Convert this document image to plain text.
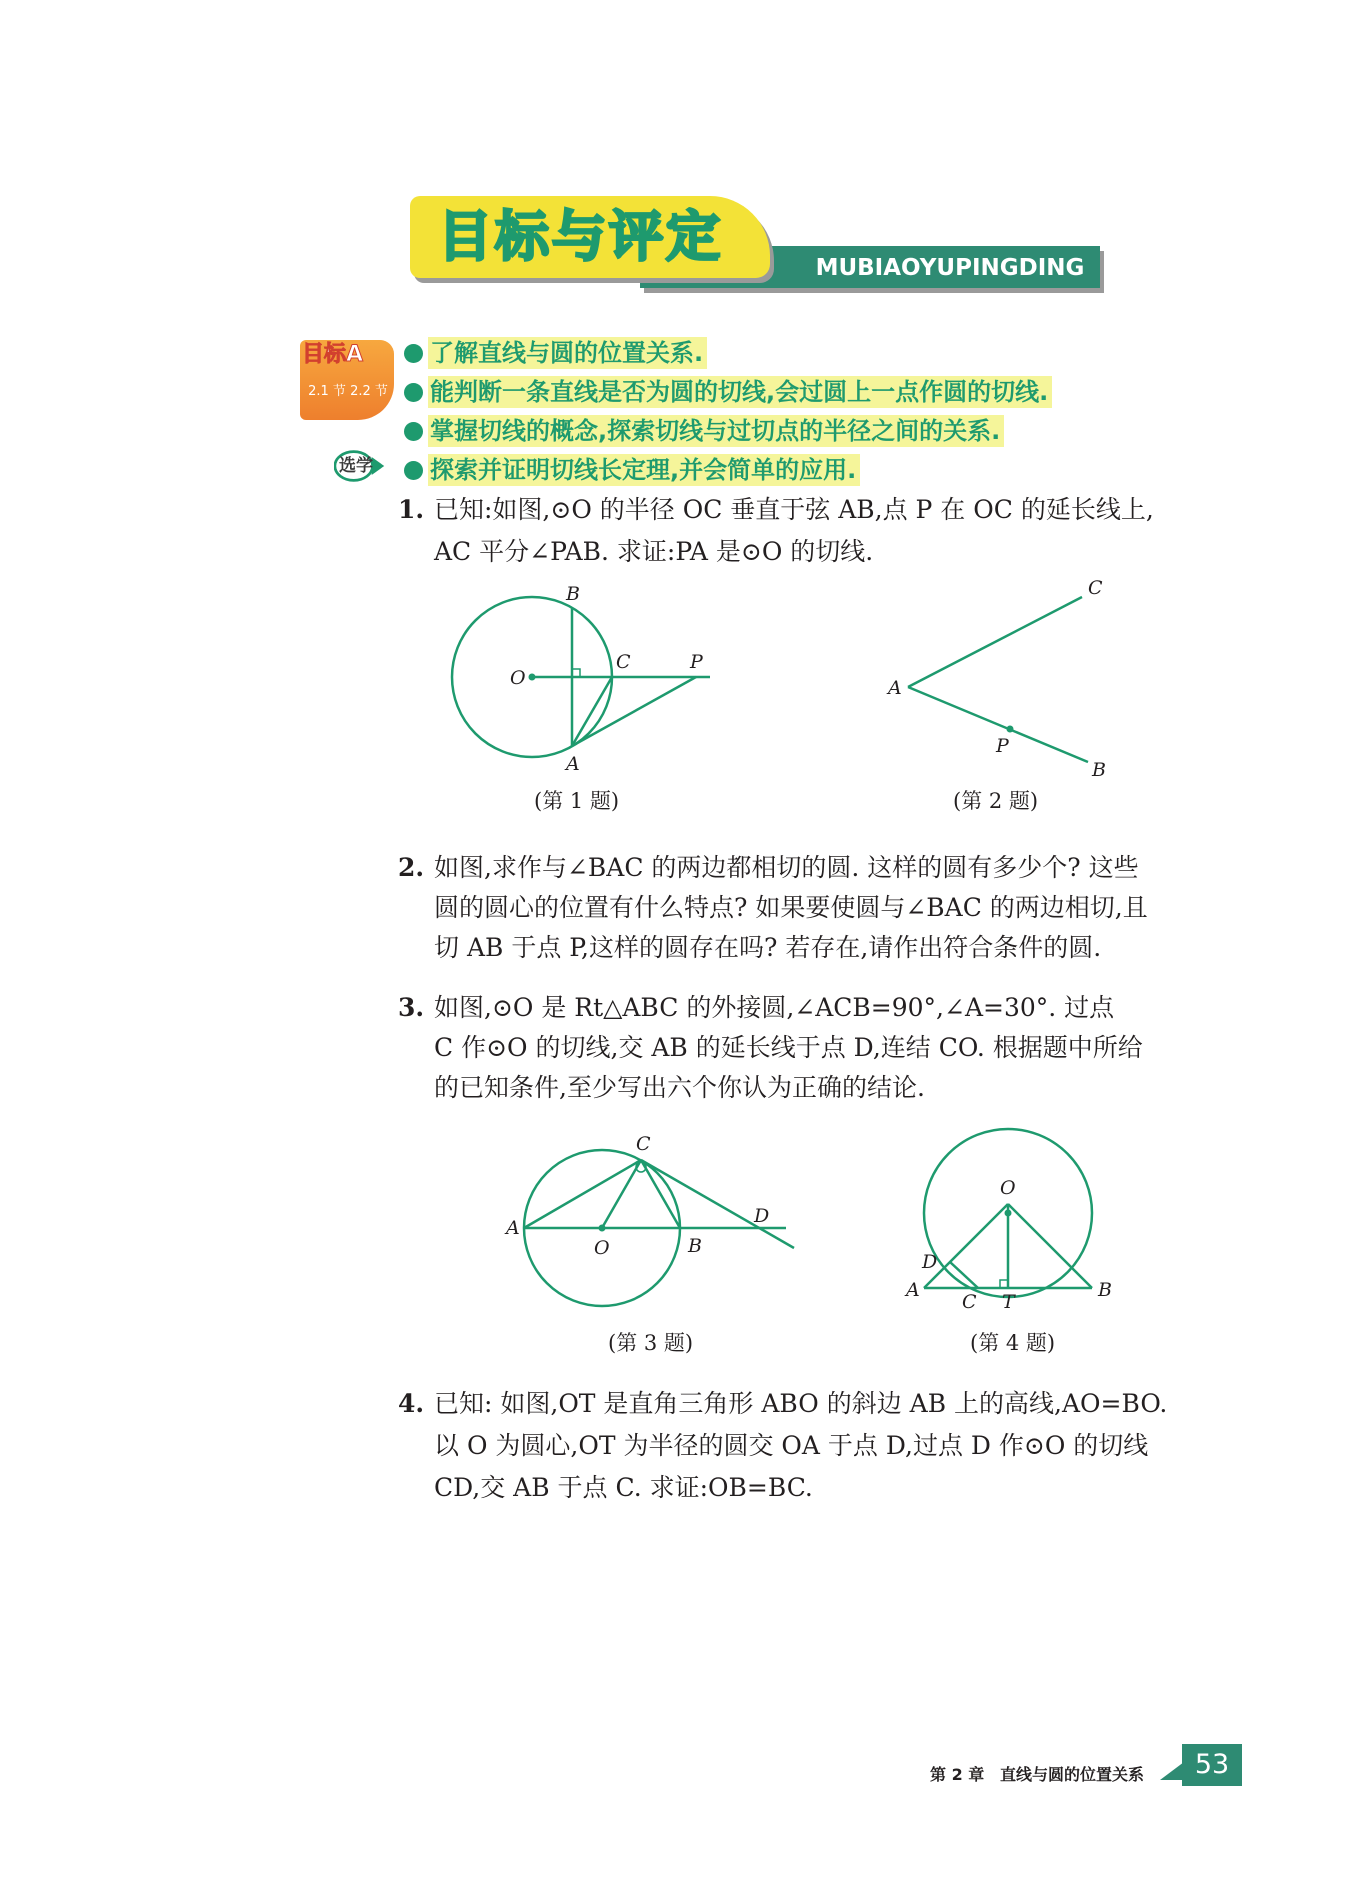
MUBIAOYUPINGDING
目标与评定
目标A
2.1 节 2.2 节
选学
了解直线与圆的位置关系.
能判断一条直线是否为圆的切线,会过圆上一点作圆的切线.
掌握切线的概念,探索切线与过切点的半径之间的关系.
探索并证明切线长定理,并会简单的应用.
1. 已知:如图,⊙O 的半径 OC 垂直于弦 AB,点 P 在 OC 的延长线上,
AC 平分∠PAB. 求证:PA 是⊙O 的切线.
B
O
C	P
A
(第 1 题)
C
A
P
B
(第 2 题)
2. 如图,求作与∠BAC 的两边都相切的圆. 这样的圆有多少个? 这些
圆的圆心的位置有什么特点? 如果要使圆与∠BAC 的两边相切,且
切 AB 于点 P,这样的圆存在吗? 若存在,请作出符合条件的圆.
3. 如图,⊙O 是 Rt△ABC 的外接圆,∠ACB=90°,∠A=30°. 过点
C 作⊙O 的切线,交 AB 的延长线于点 D,连结 CO. 根据题中所给
的已知条件,至少写出六个你认为正确的结论.
C
A
D
O	B
(第 3 题)
O
D
A
C T
B
(第 4 题)
4. 已知: 如图,OT 是直角三角形 ABO 的斜边 AB 上的高线,AO=BO.
以 O 为圆心,OT 为半径的圆交 OA 于点 D,过点 D 作⊙O 的切线
CD,交 AB 于点 C. 求证:OB=BC.
第 2 章 直线与圆的位置关系	53
